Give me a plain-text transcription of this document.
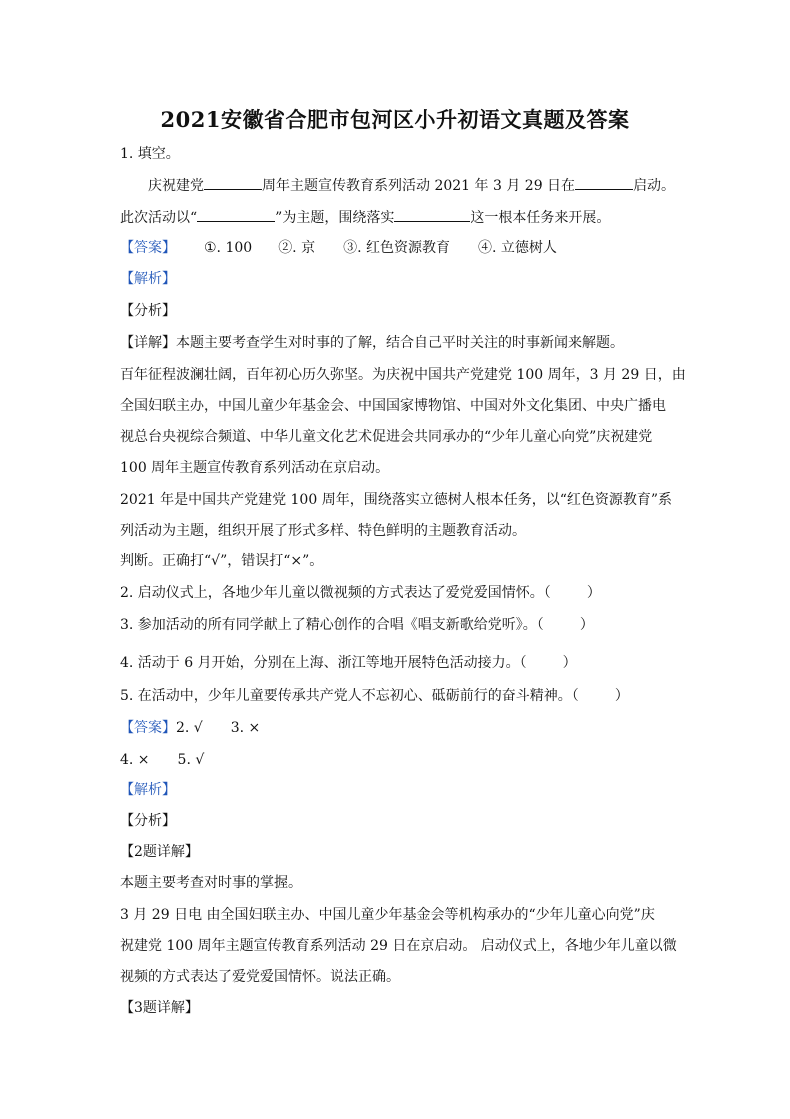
2021安徽省合肥市包河区小升初语文真题及答案
1. 填空。
庆祝建党	周年主题宣传教育系列活动 2021 年 3 月 29 日在	启动。
此次活动以“	”为主题，围绕落实	这一根本任务来开展。
【答案】 ①. 100 ②. 京 ③. 红色资源教育 ④. 立德树人
【解析】
【分析】
【详解】本题主要考查学生对时事的了解，结合自己平时关注的时事新闻来解题。
百年征程波澜壮阔，百年初心历久弥坚。为庆祝中国共产党建党 100 周年，3 月 29 日，由
全国妇联主办，中国儿童少年基金会、中国国家博物馆、中国对外文化集团、中央广播电
视总台央视综合频道、中华儿童文化艺术促进会共同承办的“少年儿童心向党”庆祝建党
100 周年主题宣传教育系列活动在京启动。
2021 年是中国共产党建党 100 周年，围绕落实立德树人根本任务，以“红色资源教育”系
列活动为主题，组织开展了形式多样、特色鲜明的主题教育活动。
判断。正确打“√”，错误打“×”。
2. 启动仪式上，各地少年儿童以微视频的方式表达了爱党爱国情怀。（	）
3. 参加活动的所有同学献上了精心创作的合唱《唱支新歌给党听》。（	）
4. 活动于 6 月开始，分别在上海、浙江等地开展特色活动接力。（	）
5. 在活动中，少年儿童要传承共产党人不忘初心、砥砺前行的奋斗精神。（	）
【答案】2. √ 3. ×
4. × 5. √
【解析】
【分析】
【2题详解】
本题主要考查对时事的掌握。
3 月 29 日电 由全国妇联主办、中国儿童少年基金会等机构承办的“少年儿童心向党”庆
祝建党 100 周年主题宣传教育系列活动 29 日在京启动。 启动仪式上，各地少年儿童以微
视频的方式表达了爱党爱国情怀。说法正确。
【3题详解】
